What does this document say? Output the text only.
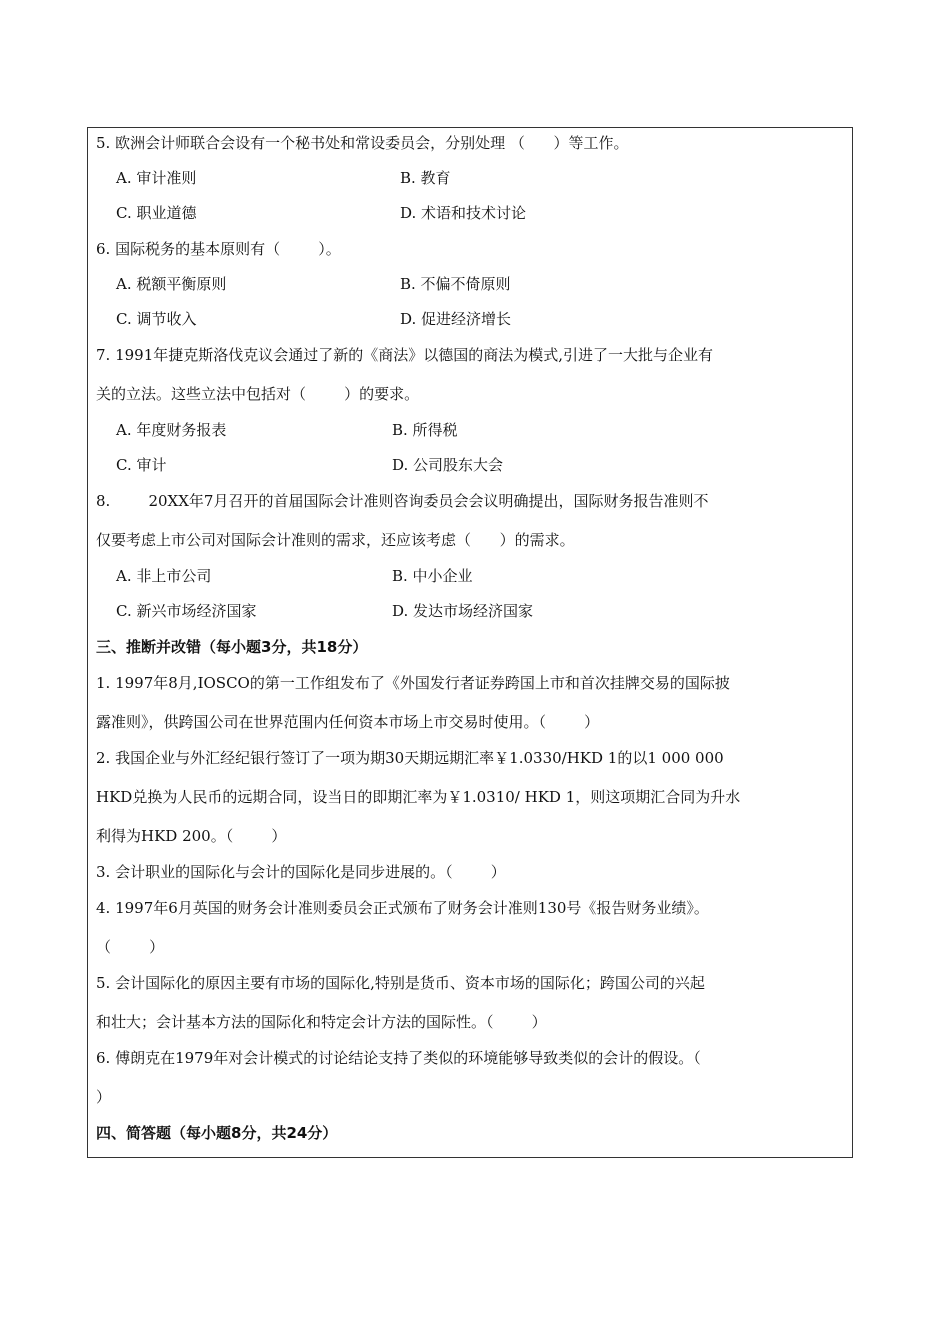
5. 欧洲会计师联合会设有一个秘书处和常设委员会，分别处理 （      ）等工作。
A. 审计准则	B. 教育
C. 职业道德	D. 术语和技术讨论
6. 国际税务的基本原则有（        ）。
A. 税额平衡原则	B. 不偏不倚原则
C. 调节收入	D. 促进经济增长
7. 1991年捷克斯洛伐克议会通过了新的《商法》以德国的商法为模式,引进了一大批与企业有
关的立法。这些立法中包括对（        ）的要求。
A. 年度财务报表	B. 所得税
C. 审计	D. 公司股东大会
8.        20XX年7月召开的首届国际会计准则咨询委员会会议明确提出，国际财务报告准则不
仅要考虑上市公司对国际会计准则的需求，还应该考虑（      ）的需求。
A. 非上市公司	B. 中小企业
C. 新兴市场经济国家	D. 发达市场经济国家
三、推断并改错（每小题3分，共18分）
1. 1997年8月,IOSCO的第一工作组发布了《外国发行者证券跨国上市和首次挂牌交易的国际披
露准则》，供跨国公司在世界范围内任何资本市场上市交易时使用。（        ）
2. 我国企业与外汇经纪银行签订了一项为期30天期远期汇率￥1.0330/HKD 1的以1 000 000
HKD兑换为人民币的远期合同，设当日的即期汇率为￥1.0310/ HKD 1，则这项期汇合同为升水
利得为HKD 200。（        ）
3. 会计职业的国际化与会计的国际化是同步进展的。（        ）
4. 1997年6月英国的财务会计准则委员会正式颁布了财务会计准则130号《报告财务业绩》。
（        ）
5. 会计国际化的原因主要有市场的国际化,特别是货币、资本市场的国际化；跨国公司的兴起
和壮大；会计基本方法的国际化和特定会计方法的国际性。（        ）
6. 傅朗克在1979年对会计模式的讨论结论支持了类似的环境能够导致类似的会计的假设。（
）
四、简答题（每小题8分，共24分）
